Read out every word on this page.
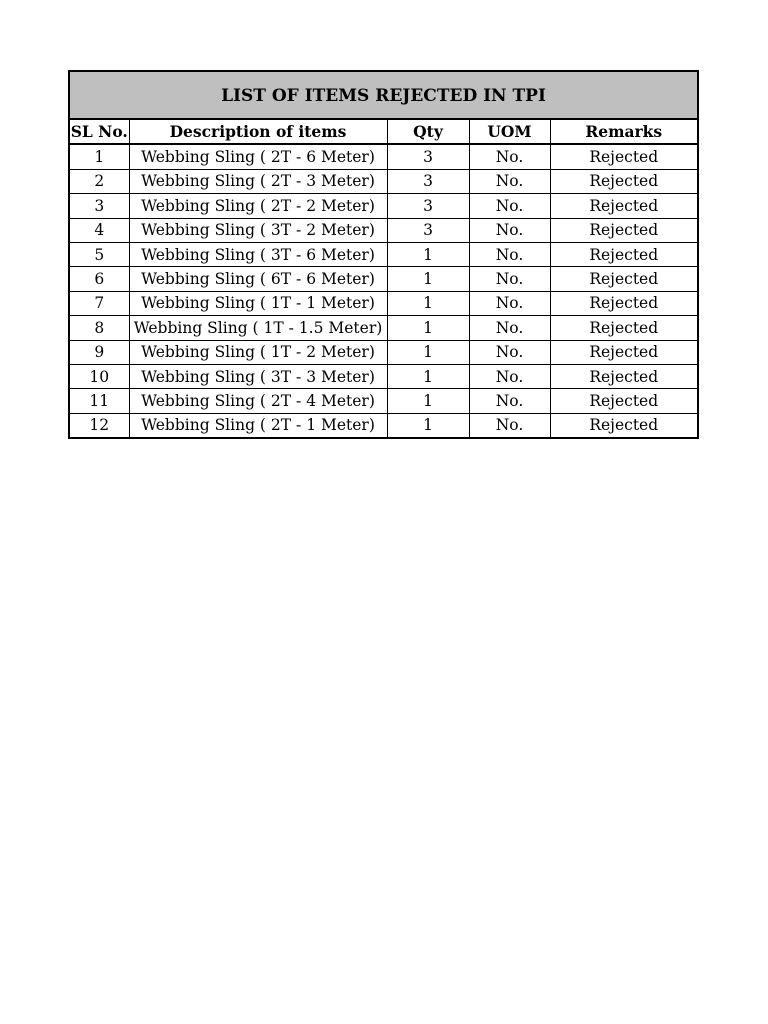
LIST OF ITEMS REJECTED IN TPI
SL No.	Description of items	Qty	UOM	Remarks
1	Webbing Sling ( 2T - 6 Meter)	3	No.	Rejected
2	Webbing Sling ( 2T - 3 Meter)	3	No.	Rejected
3	Webbing Sling ( 2T - 2 Meter)	3	No.	Rejected
4	Webbing Sling ( 3T - 2 Meter)	3	No.	Rejected
5	Webbing Sling ( 3T - 6 Meter)	1	No.	Rejected
6	Webbing Sling ( 6T - 6 Meter)	1	No.	Rejected
7	Webbing Sling ( 1T - 1 Meter)	1	No.	Rejected
8	Webbing Sling ( 1T - 1.5 Meter)	1	No.	Rejected
9	Webbing Sling ( 1T - 2 Meter)	1	No.	Rejected
10	Webbing Sling ( 3T - 3 Meter)	1	No.	Rejected
11	Webbing Sling ( 2T - 4 Meter)	1	No.	Rejected
12	Webbing Sling ( 2T - 1 Meter)	1	No.	Rejected
